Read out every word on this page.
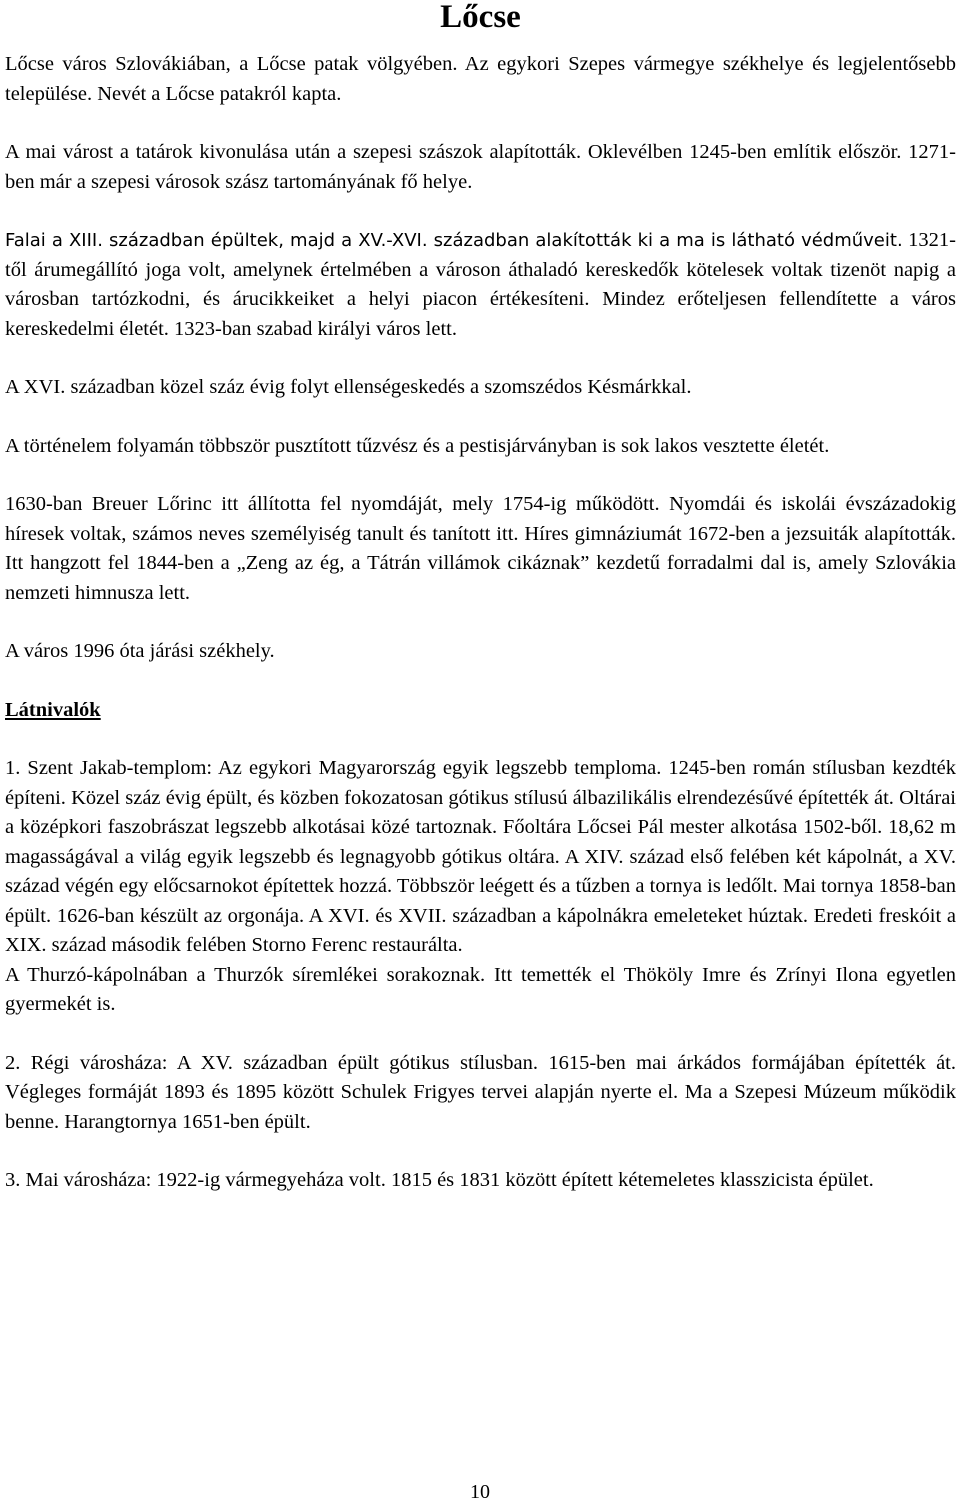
Lőcse

Lőcse város Szlovákiában, a Lőcse patak völgyében. Az egykori Szepes vármegye székhelye és legjelentősebb települése. Nevét a Lőcse patakról kapta.

A mai várost a tatárok kivonulása után a szepesi szászok alapították. Oklevélben 1245-ben említik először. 1271-ben már a szepesi városok szász tartományának fő helye.

Falai a XIII. században épültek, majd a XV.-XVI. században alakították ki a ma is látható védműveit. 1321-től árumegállító joga volt, amelynek értelmében a városon áthaladó kereskedők kötelesek voltak tizenöt napig a városban tartózkodni, és árucikkeiket a helyi piacon értékesíteni. Mindez erőteljesen fellendítette a város kereskedelmi életét. 1323-ban szabad királyi város lett.

A XVI. században közel száz évig folyt ellenségeskedés a szomszédos Késmárkkal.

A történelem folyamán többször pusztított tűzvész és a pestisjárványban is sok lakos vesztette életét.

1630-ban Breuer Lőrinc itt állította fel nyomdáját, mely 1754-ig működött. Nyomdái és iskolái évszázadokig híresek voltak, számos neves személyiség tanult és tanított itt. Híres gimnáziumát 1672-ben a jezsuiták alapították. Itt hangzott fel 1844-ben a „Zeng az ég, a Tátrán villámok cikáznak” kezdetű forradalmi dal is, amely Szlovákia nemzeti himnusza lett.

A város 1996 óta járási székhely.

Látnivalók

1. Szent Jakab-templom: Az egykori Magyarország egyik legszebb temploma. 1245-ben román stílusban kezdték építeni. Közel száz évig épült, és közben fokozatosan gótikus stílusú álbazilikális elrendezésűvé építették át. Oltárai a középkori faszobrászat legszebb alkotásai közé tartoznak. Főoltára Lőcsei Pál mester alkotása 1502-ből. 18,62 m magasságával a világ egyik legszebb és legnagyobb gótikus oltára. A XIV. század első felében két kápolnát, a XV. század végén egy előcsarnokot építettek hozzá. Többször leégett és a tűzben a tornya is ledőlt. Mai tornya 1858-ban épült. 1626-ban készült az orgonája. A XVI. és XVII. században a kápolnákra emeleteket húztak. Eredeti freskóit a XIX. század második felében Storno Ferenc restaurálta.

A Thurzó-kápolnában a Thurzók síremlékei sorakoznak. Itt temették el Thököly Imre és Zrínyi Ilona egyetlen gyermekét is.

2. Régi városháza: A XV. században épült gótikus stílusban. 1615-ben mai árkádos formájában építették át. Végleges formáját 1893 és 1895 között Schulek Frigyes tervei alapján nyerte el. Ma a Szepesi Múzeum működik benne. Harangtornya 1651-ben épült.

3. Mai városháza: 1922-ig vármegyeháza volt. 1815 és 1831 között épített kétemeletes klasszicista épület.

10
